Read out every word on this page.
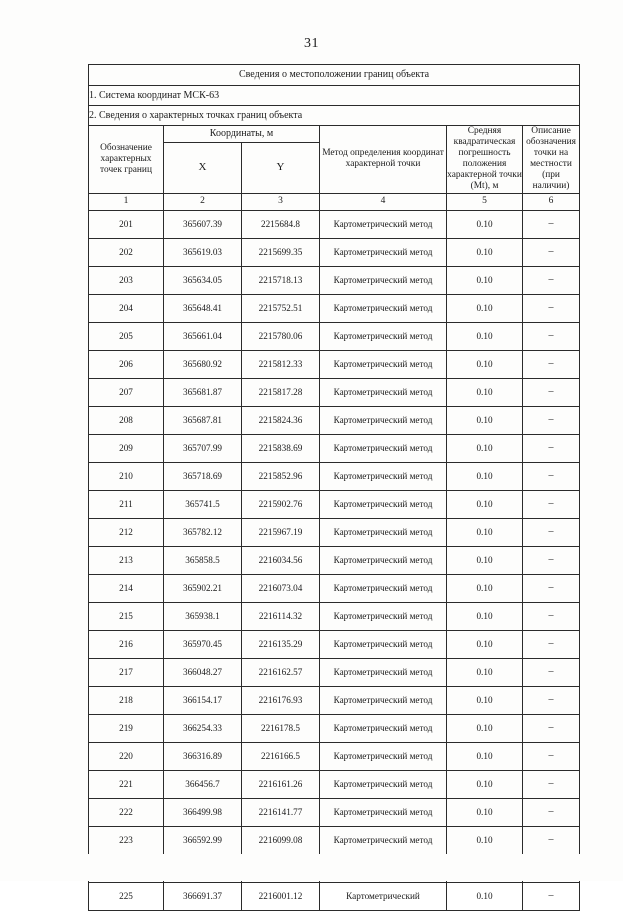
31
Сведения о местоположении границ объекта					
1. Система координат МСК-63					
2. Сведения о характерных точках границ объекта					
Обозначение характерных точек границ	Координаты, м		Метод определения координат характерной точки	Средняя квадратическая погрешность положения характерной точки (Mt), м	Описание обозначения точки на местности (при наличии)
	X	Y			
1	2	3	4	5	6
201	365607.39	2215684.8	Картометрический метод	0.10	–
202	365619.03	2215699.35	Картометрический метод	0.10	–
203	365634.05	2215718.13	Картометрический метод	0.10	–
204	365648.41	2215752.51	Картометрический метод	0.10	–
205	365661.04	2215780.06	Картометрический метод	0.10	–
206	365680.92	2215812.33	Картометрический метод	0.10	–
207	365681.87	2215817.28	Картометрический метод	0.10	–
208	365687.81	2215824.36	Картометрический метод	0.10	–
209	365707.99	2215838.69	Картометрический метод	0.10	–
210	365718.69	2215852.96	Картометрический метод	0.10	–
211	365741.5	2215902.76	Картометрический метод	0.10	–
212	365782.12	2215967.19	Картометрический метод	0.10	–
213	365858.5	2216034.56	Картометрический метод	0.10	–
214	365902.21	2216073.04	Картометрический метод	0.10	–
215	365938.1	2216114.32	Картометрический метод	0.10	–
216	365970.45	2216135.29	Картометрический метод	0.10	–
217	366048.27	2216162.57	Картометрический метод	0.10	–
218	366154.17	2216176.93	Картометрический метод	0.10	–
219	366254.33	2216178.5	Картометрический метод	0.10	–
220	366316.89	2216166.5	Картометрический метод	0.10	–
221	366456.7	2216161.26	Картометрический метод	0.10	–
222	366499.98	2216141.77	Картометрический метод	0.10	–
223	366592.99	2216099.08	Картометрический метод	0.10	–

225	366691.37	2216001.12	Картометрический	0.10	–
